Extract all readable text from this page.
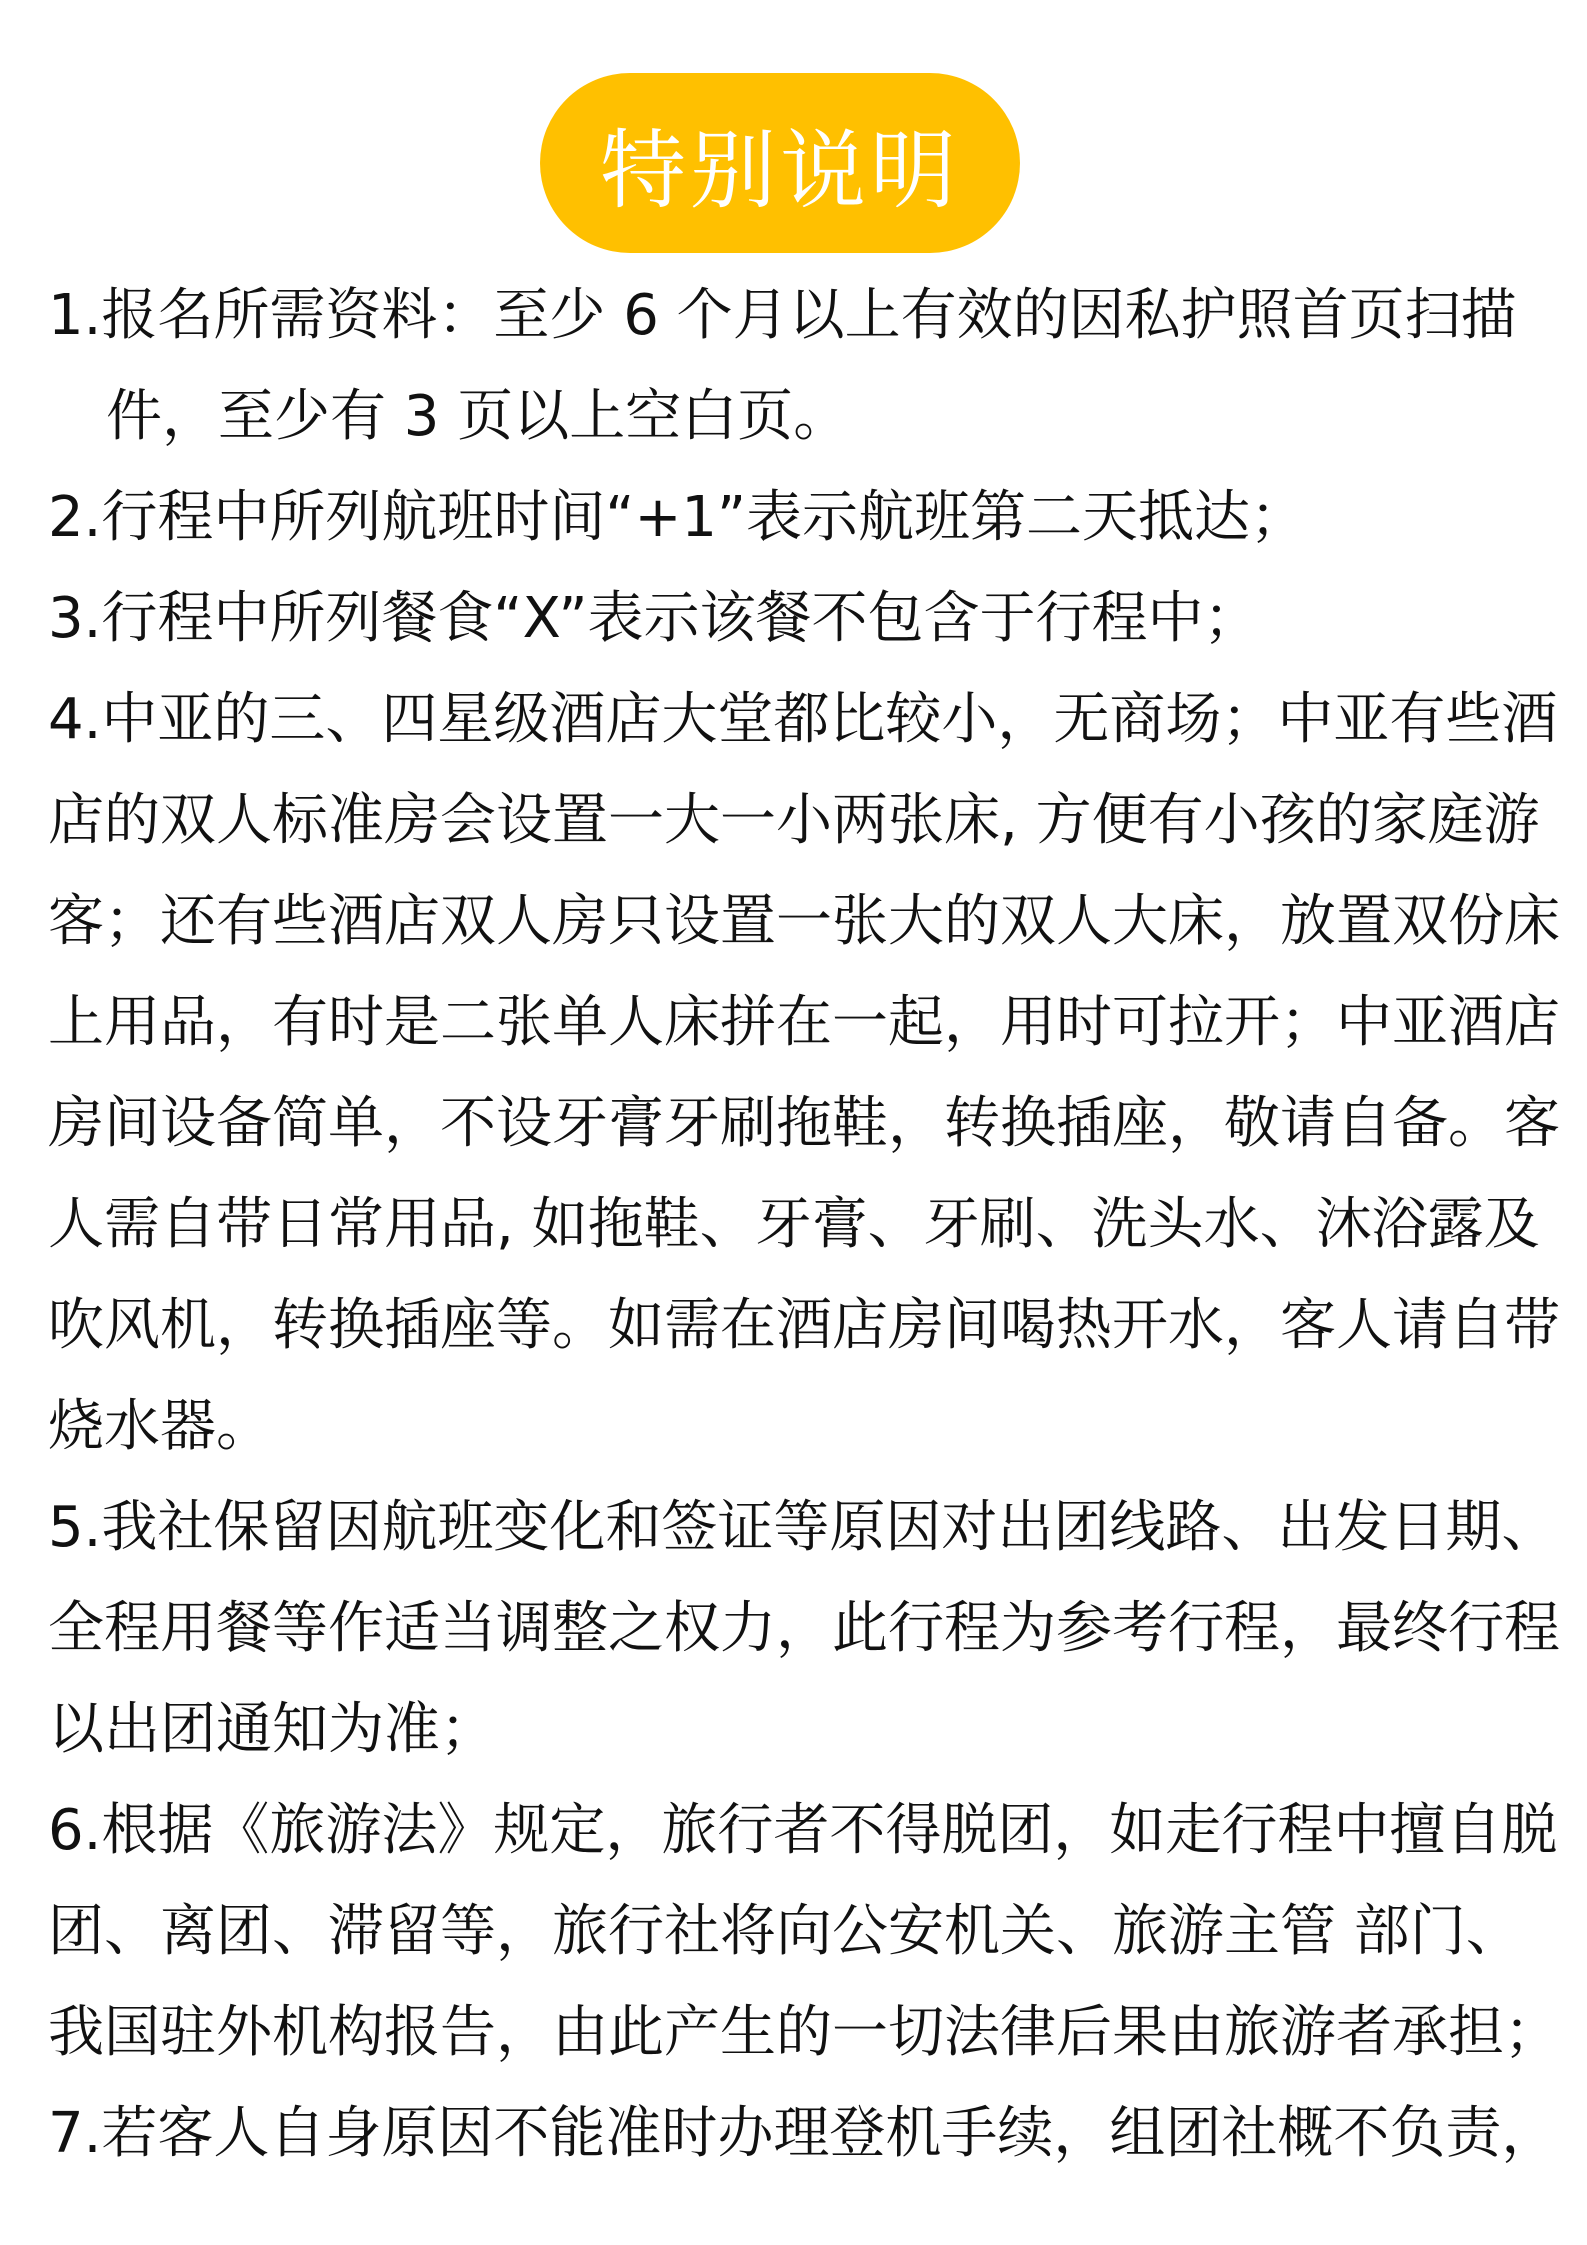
特别说明
1.报名所需资料：至少 6 个月以上有效的因私护照首页扫描
件，至少有 3 页以上空白页。
2.行程中所列航班时间“+1”表示航班第二天抵达；
3.行程中所列餐食“X”表示该餐不包含于行程中；
4.中亚的三、四星级酒店大堂都比较小，无商场；中亚有些酒
店的双人标准房会设置一大一小两张床, 方便有小孩的家庭游
客；还有些酒店双人房只设置一张大的双人大床，放置双份床
上用品，有时是二张单人床拼在一起，用时可拉开；中亚酒店
房间设备简单，不设牙膏牙刷拖鞋，转换插座，敬请自备。客
人需自带日常用品, 如拖鞋、牙膏、牙刷、洗头水、沐浴露及
吹风机，转换插座等。如需在酒店房间喝热开水，客人请自带
烧水器。
5.我社保留因航班变化和签证等原因对出团线路、出发日期、
全程用餐等作适当调整之权力，此行程为参考行程，最终行程
以出团通知为准；
6.根据《旅游法》规定，旅行者不得脱团，如走行程中擅自脱
团、离团、滞留等，旅行社将向公安机关、旅游主管 部门、
我国驻外机构报告，由此产生的一切法律后果由旅游者承担；
7.若客人自身原因不能准时办理登机手续，组团社概不负责，
